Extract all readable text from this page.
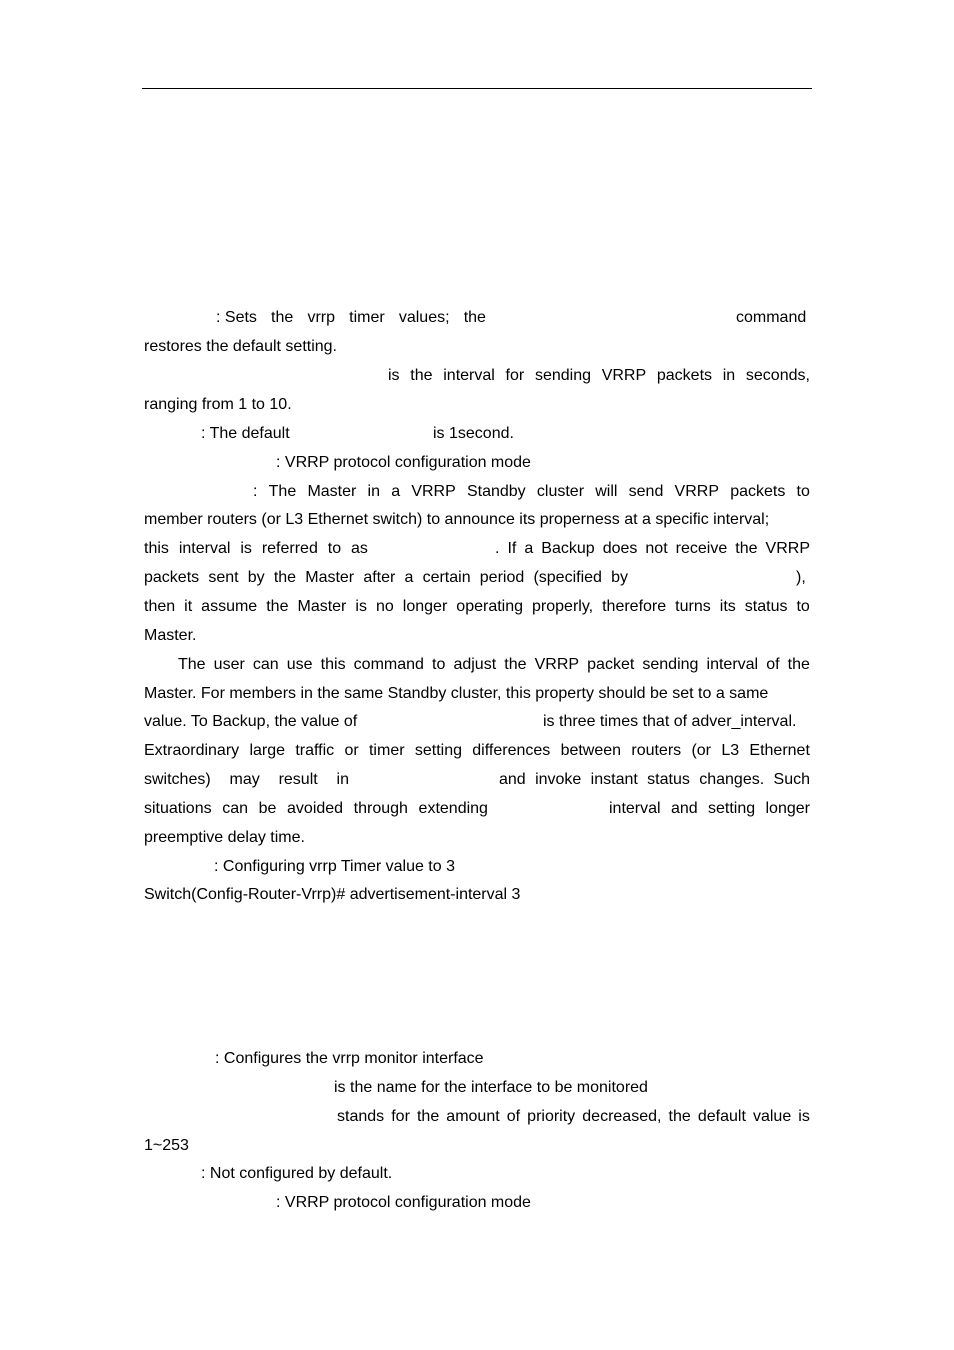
: Sets the vrrp timer values; the	command
restores the default setting.
is the interval for sending VRRP packets in seconds,
ranging from 1 to 10.
: The default	is 1second.
: VRRP protocol configuration mode
: The Master in a VRRP Standby cluster will send VRRP packets to
member routers (or L3 Ethernet switch) to announce its properness at a specific interval;
this interval is referred to as	. If a Backup does not receive the VRRP
packets sent by the Master after a certain period (specified by	),
then it assume the Master is no longer operating properly, therefore turns its status to
Master.
The user can use this command to adjust the VRRP packet sending interval of the
Master. For members in the same Standby cluster, this property should be set to a same
value. To Backup, the value of	is three times that of adver_interval.
Extraordinary large traffic or timer setting differences between routers (or L3 Ethernet
switches) may result in	and invoke instant status changes. Such
situations can be avoided through extending	interval and setting longer
preemptive delay time.
: Configuring vrrp Timer value to 3
Switch(Config-Router-Vrrp)# advertisement-interval 3
: Configures the vrrp monitor interface
is the name for the interface to be monitored
stands for the amount of priority decreased, the default value is
1~253
: Not configured by default.
: VRRP protocol configuration mode
